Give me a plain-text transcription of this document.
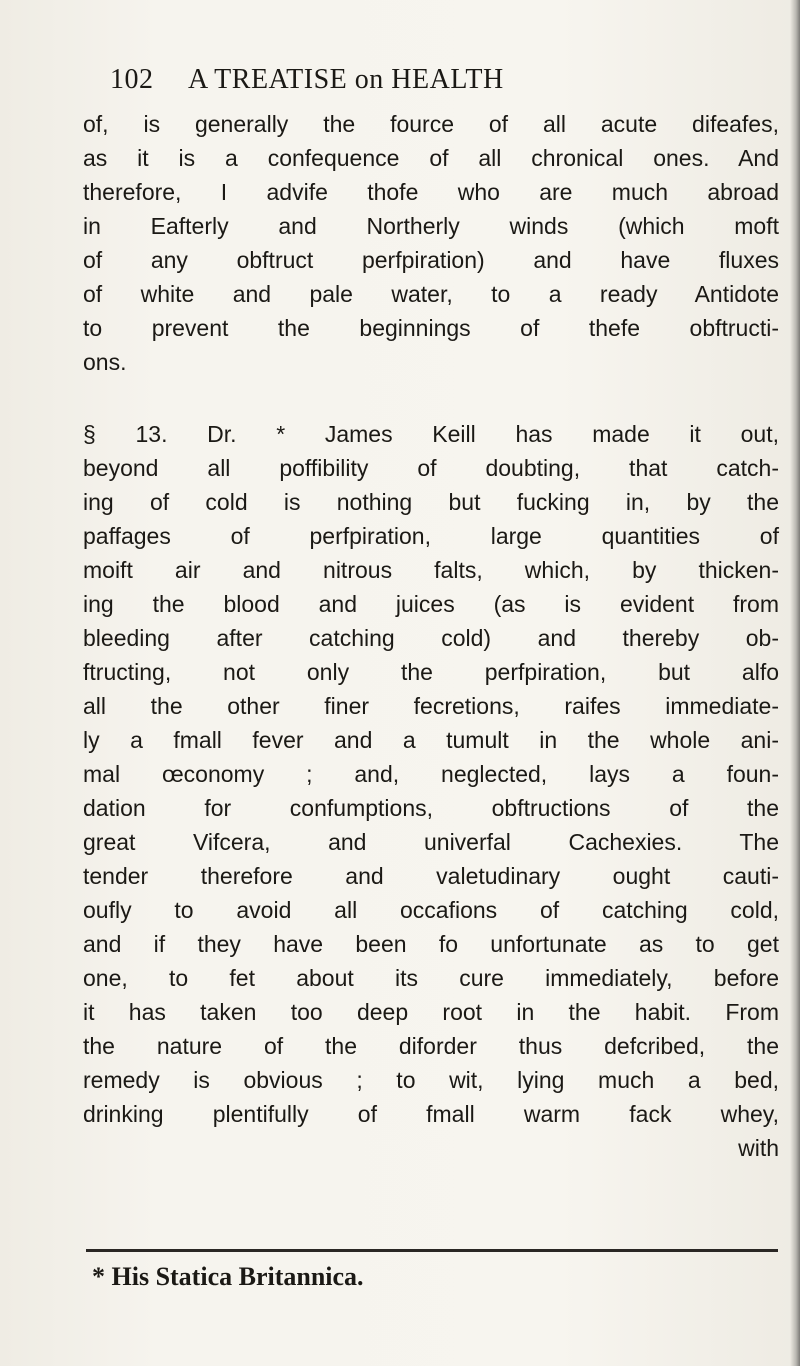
102 A TREATISE on HEALTH
of, is generally the fource of all acute difeafes,
as it is a confequence of all chronical ones. And
therefore, I advife thofe who are much abroad
in Eafterly and Northerly winds (which moft
of any obftruct perfpiration) and have fluxes
of white and pale water, to a ready Antidote
to prevent the beginnings of thefe obftructi-
ons.
§ 13. Dr. * James Keill has made it out,
beyond all poffibility of doubting, that catch-
ing of cold is nothing but fucking in, by the
paffages of perfpiration, large quantities of
moift air and nitrous falts, which, by thicken-
ing the blood and juices (as is evident from
bleeding after catching cold) and thereby ob-
ftructing, not only the perfpiration, but alfo
all the other finer fecretions, raifes immediate-
ly a fmall fever and a tumult in the whole ani-
mal œconomy ; and, neglected, lays a foun-
dation for confumptions, obftructions of the
great Vifcera, and univerfal Cachexies. The
tender therefore and valetudinary ought cauti-
oufly to avoid all occafions of catching cold,
and if they have been fo unfortunate as to get
one, to fet about its cure immediately, before
it has taken too deep root in the habit. From
the nature of the diforder thus defcribed, the
remedy is obvious ; to wit, lying much a bed,
drinking plentifully of fmall warm fack whey,
with
* His Statica Britannica.
